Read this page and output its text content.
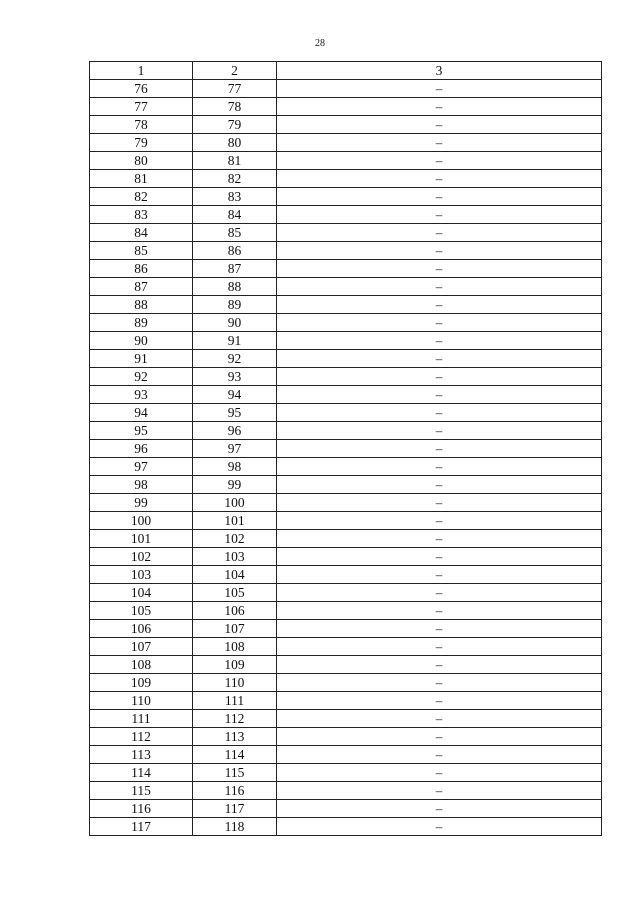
28
1	2	3
76	77	–
77	78	–
78	79	–
79	80	–
80	81	–
81	82	–
82	83	–
83	84	–
84	85	–
85	86	–
86	87	–
87	88	–
88	89	–
89	90	–
90	91	–
91	92	–
92	93	–
93	94	–
94	95	–
95	96	–
96	97	–
97	98	–
98	99	–
99	100	–
100	101	–
101	102	–
102	103	–
103	104	–
104	105	–
105	106	–
106	107	–
107	108	–
108	109	–
109	110	–
110	111	–
111	112	–
112	113	–
113	114	–
114	115	–
115	116	–
116	117	–
117	118	–
